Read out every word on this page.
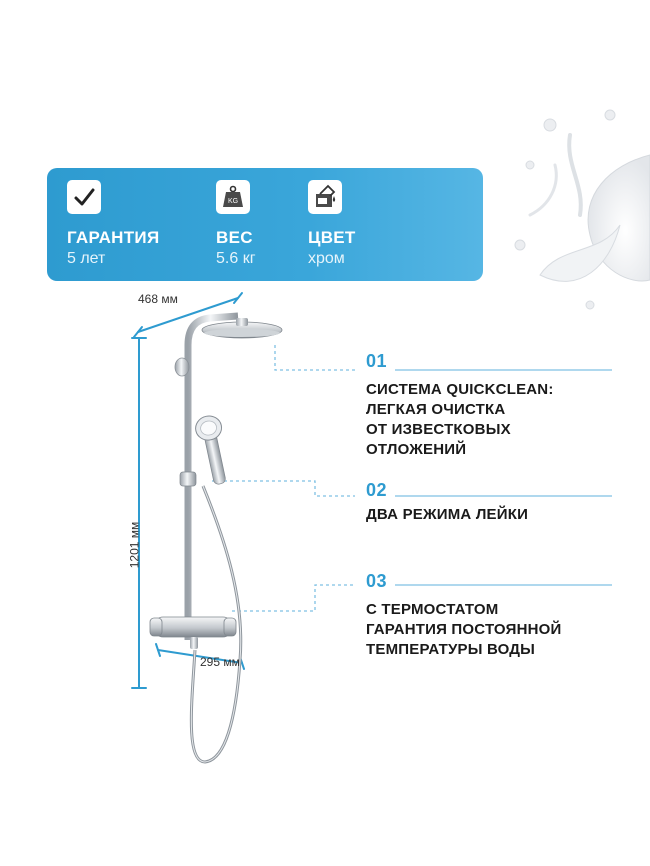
ГАРАНТИЯ
5 лет
KG
ВЕС
5.6 кг
ЦВЕТ
хром
468 мм
1201 мм
295 мм
01
СИСТЕМА QUICKCLEAN:
ЛЕГКАЯ ОЧИСТКА
ОТ ИЗВЕСТКОВЫХ
ОТЛОЖЕНИЙ
02
ДВА РЕЖИМА ЛЕЙКИ
03
С ТЕРМОСТАТОМ
ГАРАНТИЯ ПОСТОЯННОЙ
ТЕМПЕРАТУРЫ ВОДЫ
